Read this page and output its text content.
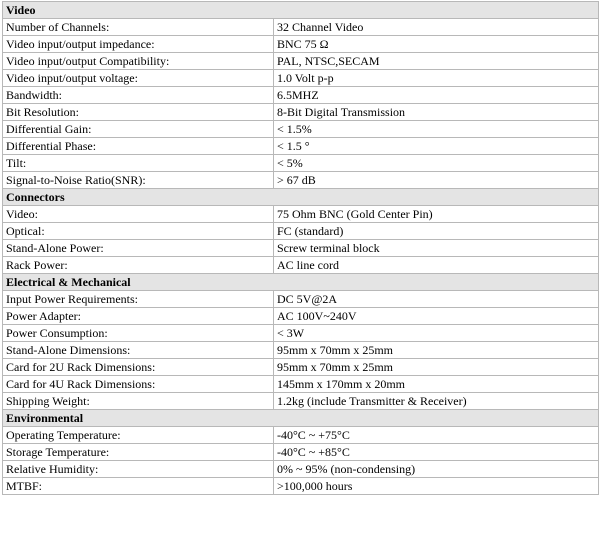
Video	
Number of Channels:	32 Channel Video
Video input/output impedance:	BNC 75 Ω
Video input/output Compatibility:	PAL, NTSC,SECAM
Video input/output voltage:	1.0 Volt p-p
Bandwidth:	6.5MHZ
Bit Resolution:	8-Bit Digital Transmission
Differential Gain:	< 1.5%
Differential Phase:	< 1.5 °
Tilt:	< 5%
Signal-to-Noise Ratio(SNR):	> 67 dB
Connectors	
Video:	75 Ohm BNC (Gold Center Pin)
Optical:	FC (standard)
Stand-Alone Power:	Screw terminal block
Rack Power:	AC line cord
Electrical & Mechanical	
Input Power Requirements:	DC 5V@2A
Power Adapter:	AC 100V~240V
Power Consumption:	< 3W
Stand-Alone Dimensions:	95mm x 70mm x 25mm
Card for 2U Rack Dimensions:	95mm x 70mm x 25mm
Card for 4U Rack Dimensions:	145mm x 170mm x 20mm
Shipping Weight:	1.2kg (include Transmitter & Receiver)
Environmental	
Operating Temperature:	-40°C ~ +75°C
Storage Temperature:	-40°C ~ +85°C
Relative Humidity:	0% ~ 95% (non-condensing)
MTBF:	>100,000 hours
